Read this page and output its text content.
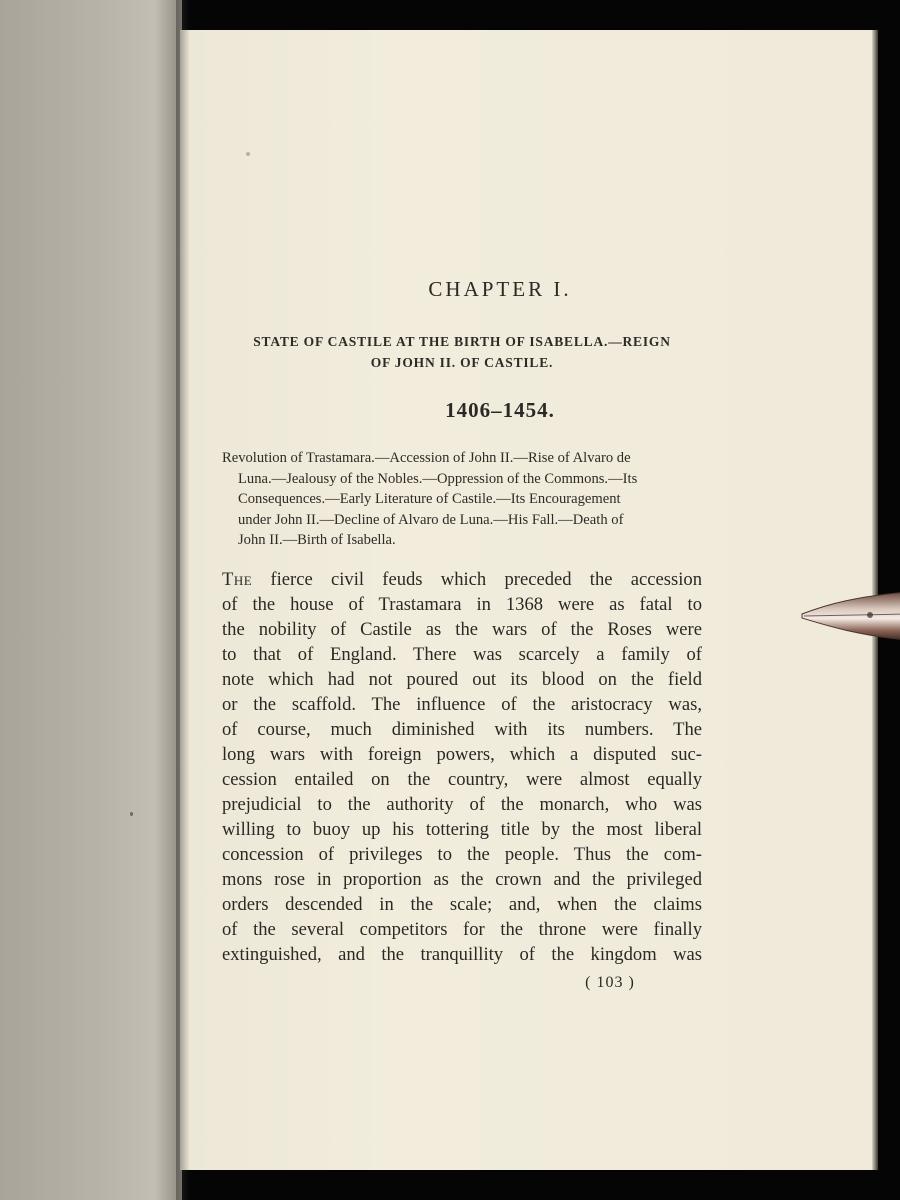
CHAPTER I.
STATE OF CASTILE AT THE BIRTH OF ISABELLA.—REIGN
OF JOHN II. OF CASTILE.
1406–1454.
Revolution of Trastamara.—Accession of John II.—Rise of Alvaro de
Luna.—Jealousy of the Nobles.—Oppression of the Commons.—Its
Consequences.—Early Literature of Castile.—Its Encouragement
under John II.—Decline of Alvaro de Luna.—His Fall.—Death of
John II.—Birth of Isabella.
The fierce civil feuds which preceded the accession
of the house of Trastamara in 1368 were as fatal to
the nobility of Castile as the wars of the Roses were
to that of England. There was scarcely a family of
note which had not poured out its blood on the field
or the scaffold. The influence of the aristocracy was,
of course, much diminished with its numbers. The
long wars with foreign powers, which a disputed suc-
cession entailed on the country, were almost equally
prejudicial to the authority of the monarch, who was
willing to buoy up his tottering title by the most liberal
concession of privileges to the people. Thus the com-
mons rose in proportion as the crown and the privileged
orders descended in the scale; and, when the claims
of the several competitors for the throne were finally
extinguished, and the tranquillity of the kingdom was
( 103 )
